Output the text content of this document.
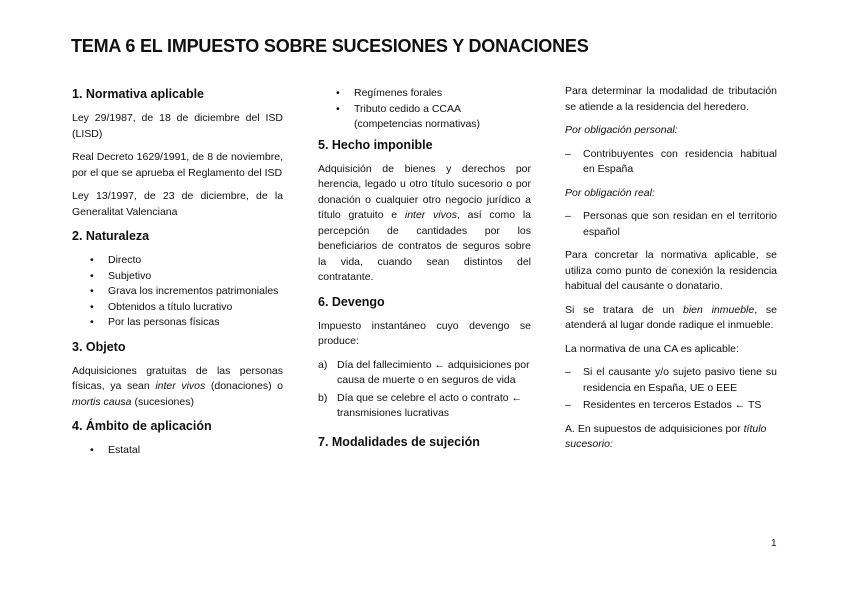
TEMA 6 EL IMPUESTO SOBRE SUCESIONES Y DONACIONES
1. Normativa aplicable

Ley 29/1987, de 18 de diciembre del ISD (LISD)

Real Decreto 1629/1991, de 8 de noviembre, por el que se aprueba el Reglamento del ISD

Ley 13/1997, de 23 de diciembre, de la Generalitat Valenciana

2. Naturaleza
• Directo
• Subjetivo
• Grava los incrementos patrimoniales
• Obtenidos a título lucrativo
• Por las personas físicas
3. Objeto

Adquisiciones gratuitas de las personas físicas, ya sean inter vivos (donaciones) o mortis causa (sucesiones)

4. Ámbito de aplicación
• Estatal
• Regímenes forales
• Tributo cedido a CCAA (competencias normativas)
5. Hecho imponible

Adquisición de bienes y derechos por herencia, legado u otro título sucesorio o por donación o cualquier otro negocio jurídico a título gratuito e inter vivos, así como la percepción de cantidades por los beneficiarios de contratos de seguros sobre la vida, cuando sean distintos del contratante.

6. Devengo

Impuesto instantáneo cuyo devengo se produce:

a) Día del fallecimiento ← adquisiciones por causa de muerte o en seguros de vida
b) Día que se celebre el acto o contrato ← transmisiones lucrativas
7. Modalidades de sujeción

Para determinar la modalidad de tributación se atiende a la residencia del heredero.

Por obligación personal:

– Contribuyentes con residencia habitual en España

Por obligación real:

– Personas que son residan en el territorio español

Para concretar la normativa aplicable, se utiliza como punto de conexión la residencia habitual del causante o donatario.

Si se tratara de un bien inmueble, se atenderá al lugar donde radique el inmueble.

La normativa de una CA es aplicable:

– Si el causante y/o sujeto pasivo tiene su residencia en España, UE o EEE
– Residentes en terceros Estados ← TS

A. En supuestos de adquisiciones por título sucesorio:

1
